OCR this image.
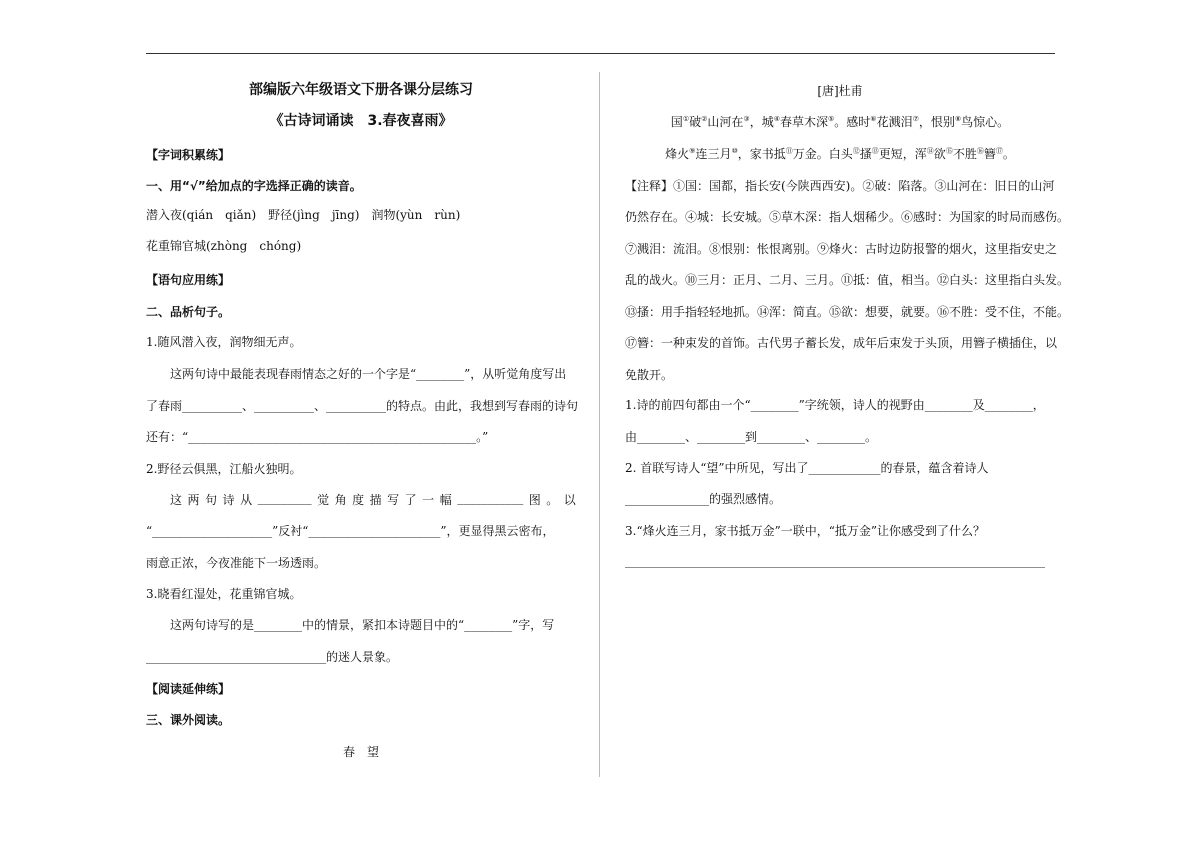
部编版六年级语文下册各课分层练习
《古诗词诵读　3.春夜喜雨》
【字词积累练】
一、用“√”给加点的字选择正确的读音。
潜入夜(qián　qiǎn)　野径(jìng　jīng)　润物(yùn　rùn)
花重锦官城(zhòng　chóng)
【语句应用练】
二、品析句子。
1.随风潜入夜，润物细无声。
这两句诗中最能表现春雨情态之好的一个字是“________”，从听觉角度写出
了春雨__________、__________、__________的特点。由此，我想到写春雨的诗句
还有：“________________________________________________。”
2.野径云俱黑，江船火独明。
这 两 句 诗 从 _________ 觉 角 度 描 写 了 一 幅 ___________ 图 。 以
“____________________”反衬“______________________”，更显得黑云密布，
雨意正浓，今夜准能下一场透雨。
3.晓看红湿处，花重锦官城。
这两句诗写的是________中的情景，紧扣本诗题目中的“________”字，写
______________________________的迷人景象。
【阅读延伸练】
三、课外阅读。
春　望
[唐]杜甫
国①破②山河在③，城④春草木深⑤。感时⑥花溅泪⑦，恨别⑧鸟惊心。
烽火⑨连三月⑩，家书抵⑪万金。白头⑫搔⑬更短，浑⑭欲⑮不胜⑯簪⑰。
【注释】①国：国都，指长安(今陕西西安)。②破：陷落。③山河在：旧日的山河
仍然存在。④城：长安城。⑤草木深：指人烟稀少。⑥感时：为国家的时局而感伤。
⑦溅泪：流泪。⑧恨别：怅恨离别。⑨烽火：古时边防报警的烟火，这里指安史之
乱的战火。⑩三月：正月、二月、三月。⑪抵：值，相当。⑫白头：这里指白头发。
⑬搔：用手指轻轻地抓。⑭浑：简直。⑮欲：想要，就要。⑯不胜：受不住，不能。
⑰簪：一种束发的首饰。古代男子蓄长发，成年后束发于头顶，用簪子横插住，以
免散开。
1.诗的前四句都由一个“________”字统领，诗人的视野由________及________，
由________、________到________、________。
2. 首联写诗人“望”中所见，写出了____________的春景，蕴含着诗人
______________的强烈感情。
3.“烽火连三月，家书抵万金”一联中，“抵万金”让你感受到了什么？
______________________________________________________________________
